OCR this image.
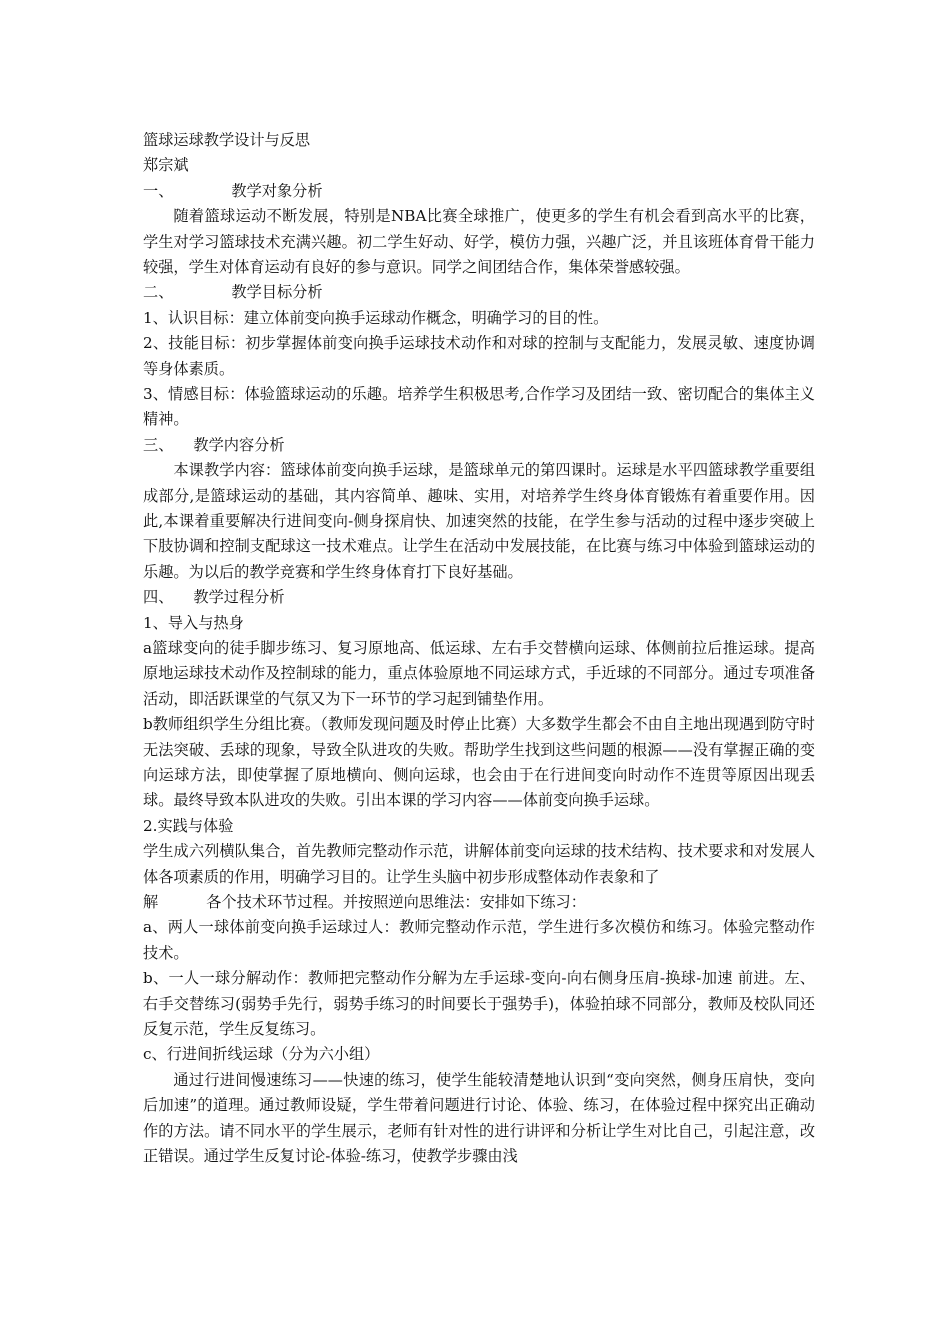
篮球运球教学设计与反思
郑宗斌
一、	教学对象分析

随着篮球运动不断发展，特别是NBA比赛全球推广，使更多的学生有机会看到高水平的比赛，学生对学习篮球技术充满兴趣。初二学生好动、好学，模仿力强，兴趣广泛，并且该班体育骨干能力较强，学生对体育运动有良好的参与意识。同学之间团结合作，集体荣誉感较强。

二、	教学目标分析

1、认识目标：建立体前变向换手运球动作概念，明确学习的目的性。

2、技能目标：初步掌握体前变向换手运球技术动作和对球的控制与支配能力，发展灵敏、速度协调等身体素质。

3、情感目标：体验篮球运动的乐趣。培养学生积极思考,合作学习及团结一致、密切配合的集体主义精神。

三、 教学内容分析

本课教学内容：篮球体前变向换手运球，是篮球单元的第四课时。运球是水平四篮球教学重要组成部分,是篮球运动的基础，其内容简单、趣味、实用，对培养学生终身体育锻炼有着重要作用。因此,本课着重要解决行进间变向-侧身探肩快、加速突然的技能，在学生参与活动的过程中逐步突破上下肢协调和控制支配球这一技术难点。让学生在活动中发展技能，在比赛与练习中体验到篮球运动的乐趣。为以后的教学竞赛和学生终身体育打下良好基础。

四、 教学过程分析
1、导入与热身

a篮球变向的徒手脚步练习、复习原地高、低运球、左右手交替横向运球、体侧前拉后推运球。提高原地运球技术动作及控制球的能力，重点体验原地不同运球方式，手近球的不同部分。通过专项准备活动，即活跃课堂的气氛又为下一环节的学习起到铺垫作用。

b教师组织学生分组比赛。（教师发现问题及时停止比赛）大多数学生都会不由自主地出现遇到防守时无法突破、丢球的现象，导致全队进攻的失败。帮助学生找到这些问题的根源——没有掌握正确的变向运球方法，即使掌握了原地横向、侧向运球，也会由于在行进间变向时动作不连贯等原因出现丢球。最终导致本队进攻的失败。引出本课的学习内容——体前变向换手运球。

2.实践与体验

学生成六列横队集合，首先教师完整动作示范，讲解体前变向运球的技术结构、技术要求和对发展人体各项素质的作用，明确学习目的。让学生头脑中初步形成整体动作表象和了

解	各个技术环节过程。并按照逆向思维法：安排如下练习：

a、两人一球体前变向换手运球过人：教师完整动作示范，学生进行多次模仿和练习。体验完整动作技术。

b、一人一球分解动作：教师把完整动作分解为左手运球-变向-向右侧身压肩-换球-加速 前进。左、右手交替练习(弱势手先行，弱势手练习的时间要长于强势手)，体验拍球不同部分，教师及校队同还反复示范，学生反复练习。

c、行进间折线运球（分为六小组）

通过行进间慢速练习——快速的练习，使学生能较清楚地认识到“变向突然，侧身压肩快，变向后加速”的道理。通过教师设疑，学生带着问题进行讨论、体验、练习，在体验过程中探究出正确动作的方法。请不同水平的学生展示，老师有针对性的进行讲评和分析让学生对比自己，引起注意，改正错误。通过学生反复讨论-体验-练习，使教学步骤由浅
